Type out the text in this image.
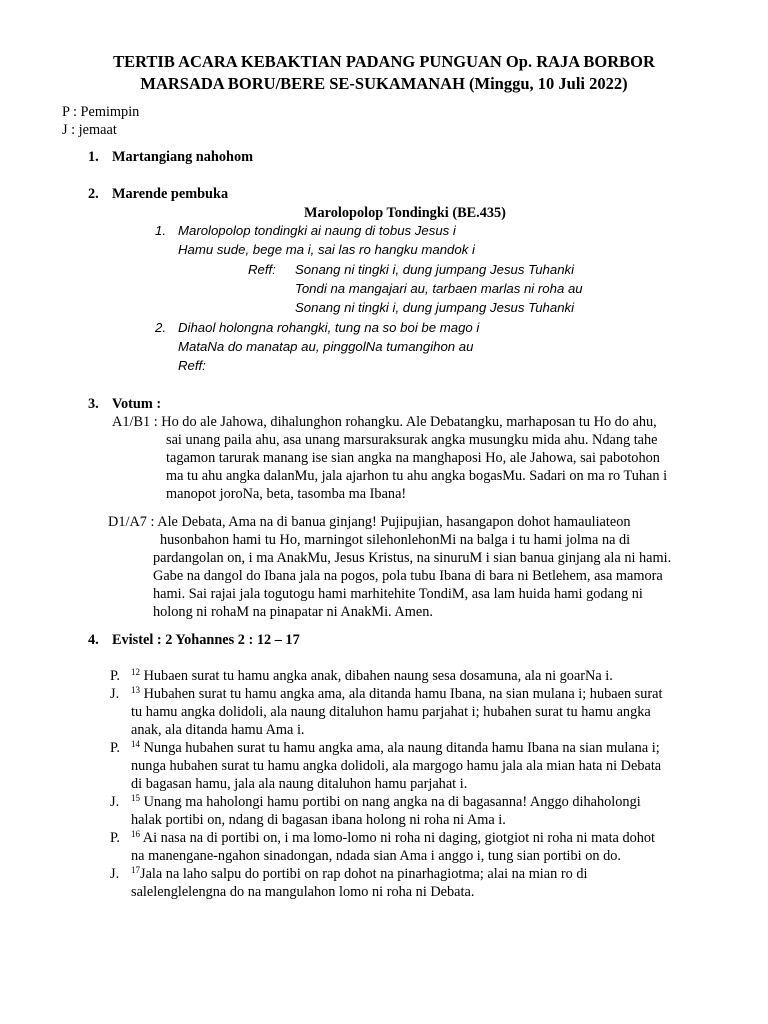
TERTIB ACARA KEBAKTIAN PADANG PUNGUAN Op. RAJA BORBOR
MARSADA BORU/BERE SE-SUKAMANAH (Minggu, 10 Juli 2022)
P : Pemimpin
J : jemaat
1. Martangiang nahohom
2. Marende pembuka
Marolopolop Tondingki (BE.435)
1. Marolopolop tondingki ai naung di tobus Jesus i
Hamu sude, bege ma i, sai las ro hangku mandok i
Reff: Sonang ni tingki i, dung jumpang Jesus Tuhanki
Tondi na mangajari au, tarbaen marlas ni roha au
Sonang ni tingki i, dung jumpang Jesus Tuhanki
2. Dihaol holongna rohangki, tung na so boi be mago i
MataNa do manatap au, pinggolNa tumangihon au
Reff:
3. Votum :
A1/B1 : Ho do ale Jahowa, dihalunghon rohangku. Ale Debatangku, marhaposan tu Ho do ahu,
sai unang paila ahu, asa unang marsuraksurak angka musungku mida ahu. Ndang tahe
tagamon tarurak manang ise sian angka na manghaposi Ho, ale Jahowa, sai pabotohon
ma tu ahu angka dalanMu, jala ajarhon tu ahu angka bogasMu. Sadari on ma ro Tuhan i
manopot joroNa, beta, tasomba ma Ibana!
D1/A7 : Ale Debata, Ama na di banua ginjang! Pujipujian, hasangapon dohot hamauliateon
husonbahon hami tu Ho, marningot silehonlehonMi na balga i tu hami jolma na di
pardangolan on, i ma AnakMu, Jesus Kristus, na sinuruM i sian banua ginjang ala ni hami.
Gabe na dangol do Ibana jala na pogos, pola tubu Ibana di bara ni Betlehem, asa mamora
hami. Sai rajai jala togutogu hami marhitehite TondiM, asa lam huida hami godang ni
holong ni rohaM na pinapatar ni AnakMi. Amen.
4. Evistel : 2 Yohannes 2 : 12 – 17
P. $^{12}$ Hubaen surat tu hamu angka anak, dibahen naung sesa dosamuna, ala ni goarNa i.
J. $^{13}$ Hubahen surat tu hamu angka ama, ala ditanda hamu Ibana, na sian mulana i; hubaen surat
tu hamu angka dolidoli, ala naung ditaluhon hamu parjahat i; hubahen surat tu hamu angka
anak, ala ditanda hamu Ama i.
P. $^{14}$ Nunga hubahen surat tu hamu angka ama, ala naung ditanda hamu Ibana na sian mulana i;
nunga hubahen surat tu hamu angka dolidoli, ala margogo hamu jala ala mian hata ni Debata
di bagasan hamu, jala ala naung ditaluhon hamu parjahat i.
J. $^{15}$ Unang ma haholongi hamu portibi on nang angka na di bagasanna! Anggo dihaholongi
halak portibi on, ndang di bagasan ibana holong ni roha ni Ama i.
P. $^{16}$ Ai nasa na di portibi on, i ma lomo-lomo ni roha ni daging, giotgiot ni roha ni mata dohot
na manengane-ngahon sinadongan, ndada sian Ama i anggo i, tung sian portibi on do.
J. $^{17}$Jala na laho salpu do portibi on rap dohot na pinarhagiotma; alai na mian ro di
salelenglelengna do na mangulahon lomo ni roha ni Debata.
